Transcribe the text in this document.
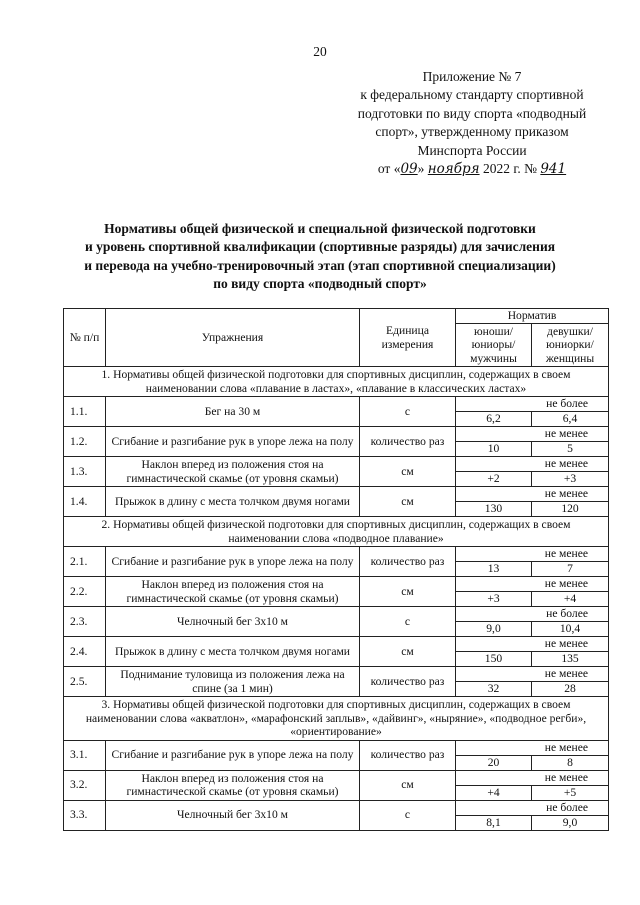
20
Приложение № 7
к федеральному стандарту спортивной
подготовки по виду спорта «подводный
спорт», утвержденному приказом
Минспорта России
от «09» ноября 2022 г. № 941
Нормативы общей физической и специальной физической подготовки
и уровень спортивной квалификации (спортивные разряды) для зачисления
и перевода на учебно-тренировочный этап (этап спортивной специализации)
по виду спорта «подводный спорт»
№ п/п	Упражнения	Единица измерения	Норматив	
			юноши/ юниоры/ мужчины	девушки/ юниорки/ женщины
1. Нормативы общей физической подготовки для спортивных дисциплин, содержащих в своем наименовании слова «плавание в ластах», «плавание в классических ластах»				
1.1.	Бег на 30 м	с	не более	
			6,2	6,4
1.2.	Сгибание и разгибание рук в упоре лежа на полу	количество раз	не менее	
			10	5
1.3.	Наклон вперед из положения стоя на гимнастической скамье (от уровня скамьи)	см	не менее	
			+2	+3
1.4.	Прыжок в длину с места толчком двумя ногами	см	не менее	
			130	120
2. Нормативы общей физической подготовки для спортивных дисциплин, содержащих в своем наименовании слова «подводное плавание»				
2.1.	Сгибание и разгибание рук в упоре лежа на полу	количество раз	не менее	
			13	7
2.2.	Наклон вперед из положения стоя на гимнастической скамье (от уровня скамьи)	см	не менее	
			+3	+4
2.3.	Челночный бег 3х10 м	с	не более	
			9,0	10,4
2.4.	Прыжок в длину с места толчком двумя ногами	см	не менее	
			150	135
2.5.	Поднимание туловища из положения лежа на спине (за 1 мин)	количество раз	не менее	
			32	28
3. Нормативы общей физической подготовки для спортивных дисциплин, содержащих в своем наименовании слова «акватлон», «марафонский заплыв», «дайвинг», «ныряние», «подводное регби», «ориентирование»				
3.1.	Сгибание и разгибание рук в упоре лежа на полу	количество раз	не менее	
			20	8
3.2.	Наклон вперед из положения стоя на гимнастической скамье (от уровня скамьи)	см	не менее	
			+4	+5
3.3.	Челночный бег 3х10 м	с	не более	
			8,1	9,0
